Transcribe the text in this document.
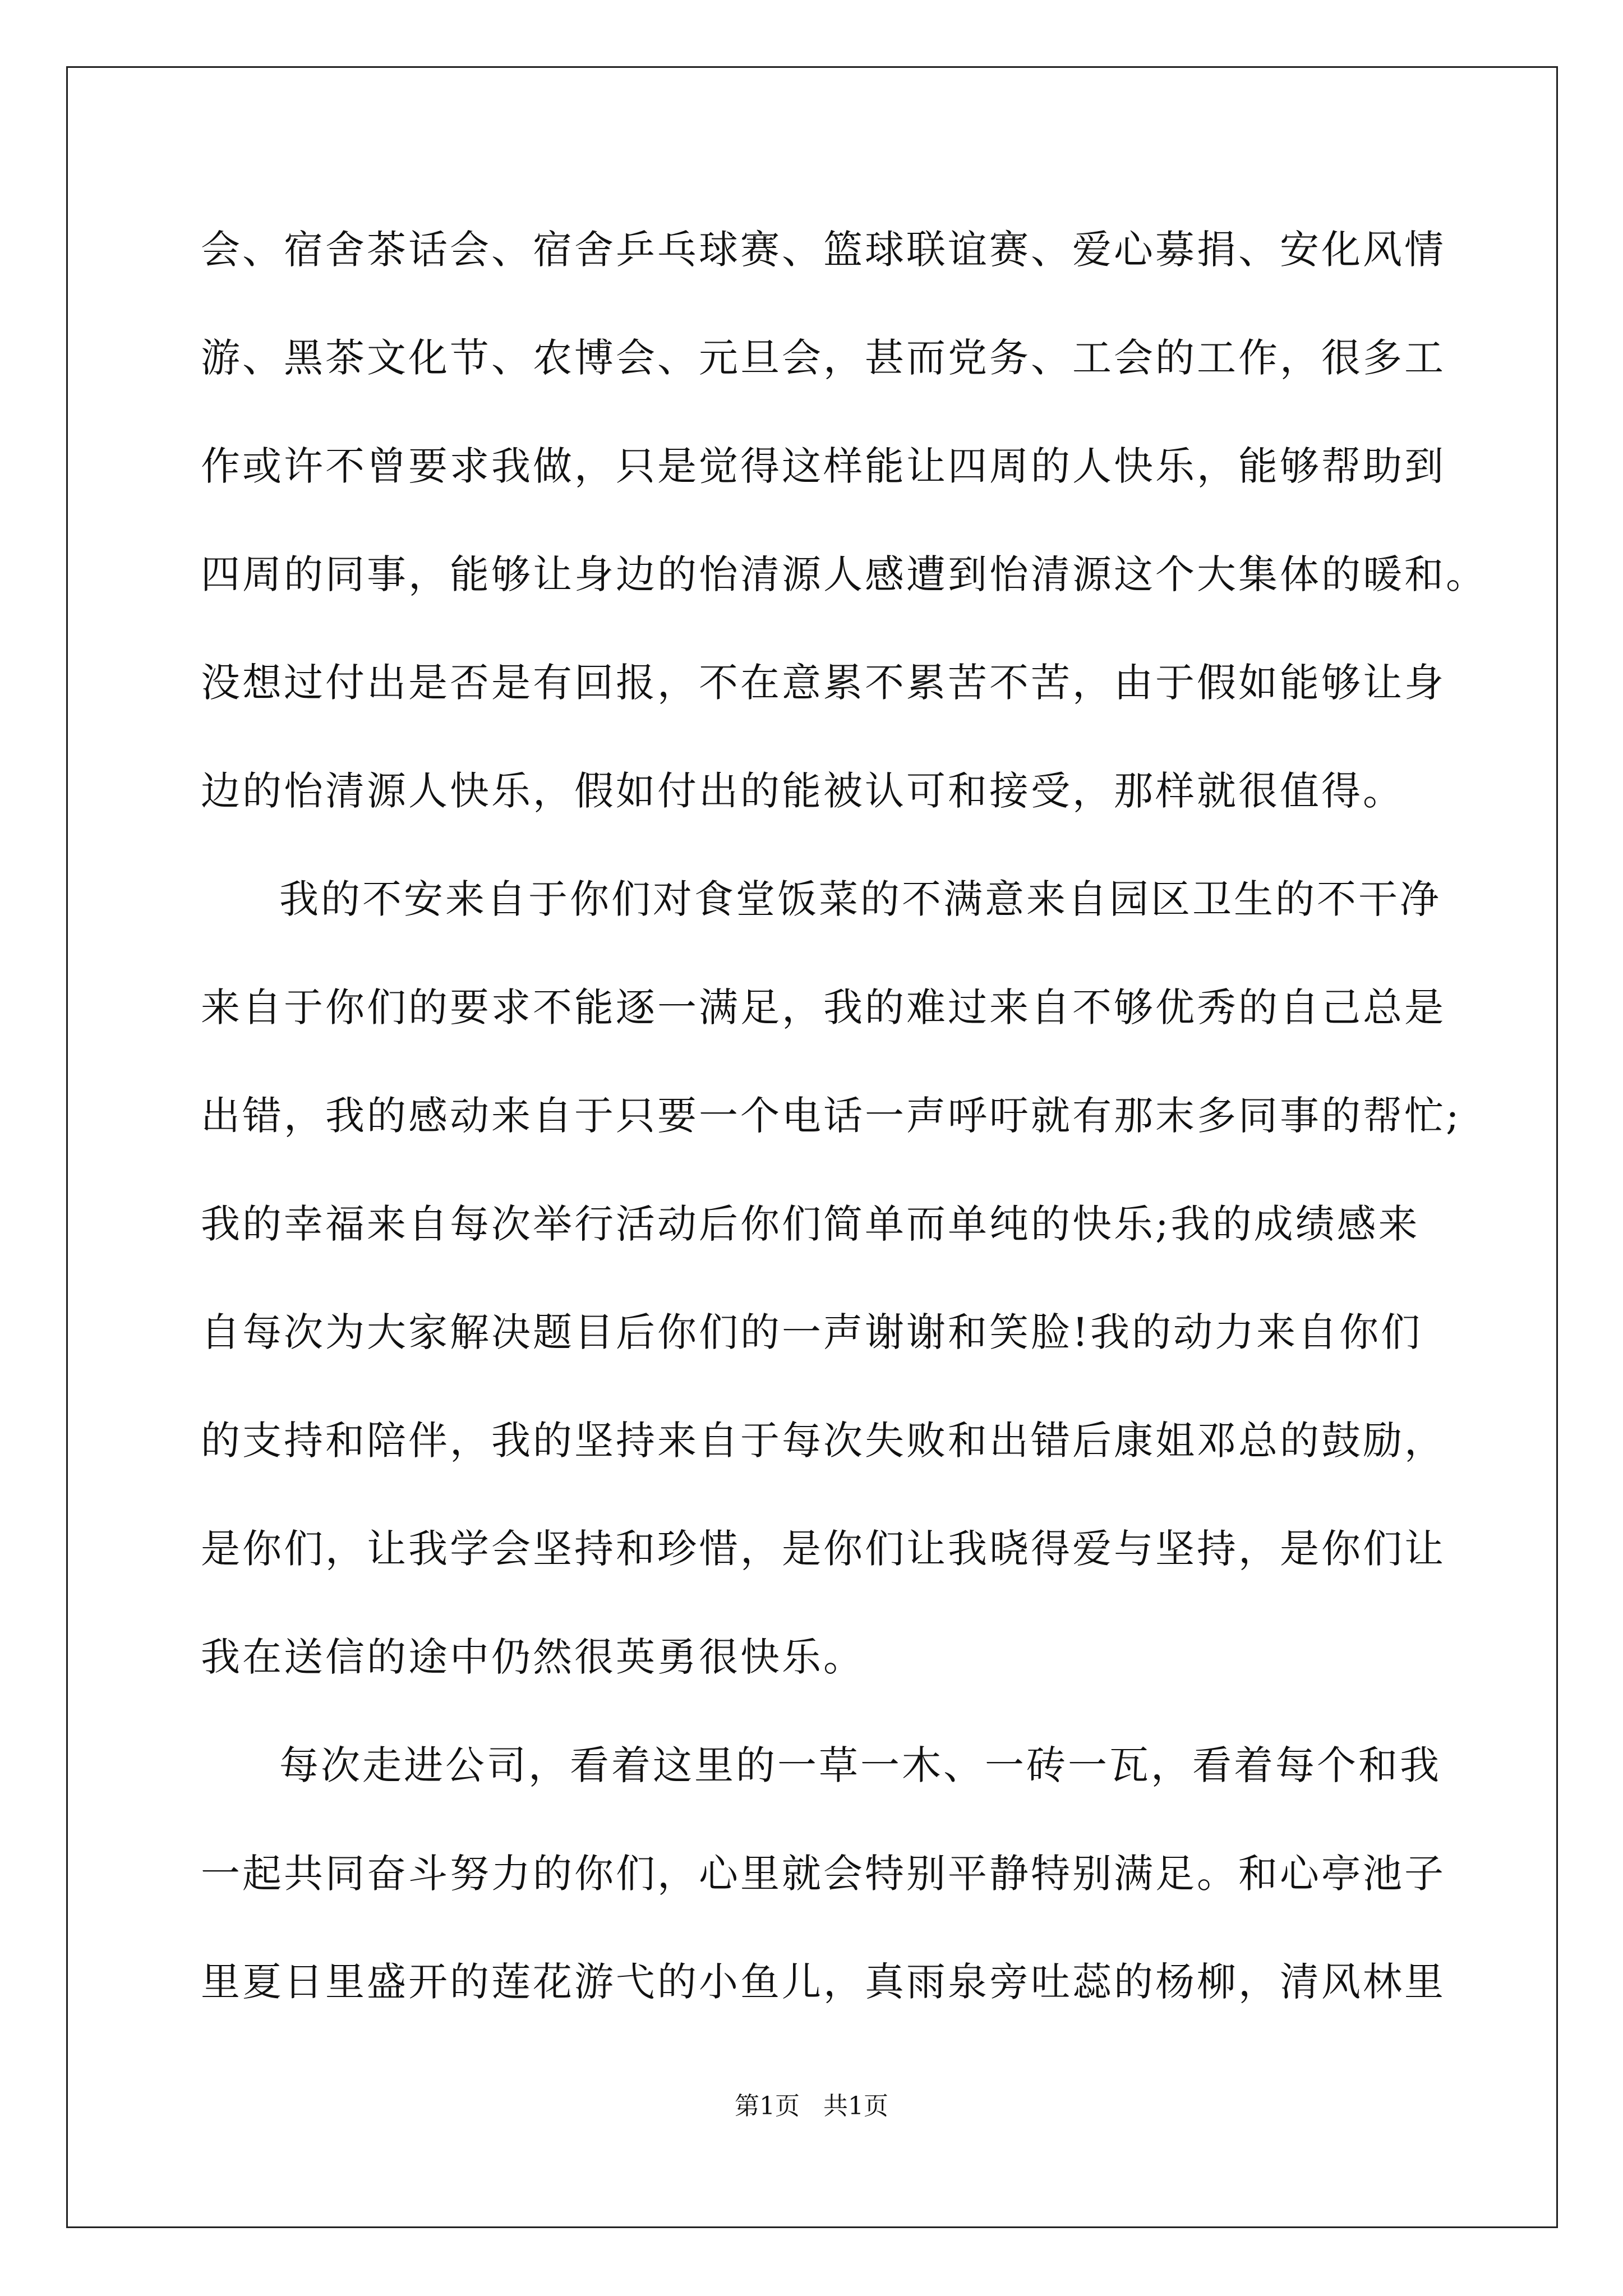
会、宿舍茶话会、宿舍乒乓球赛、篮球联谊赛、爱心募捐、安化风情
游、黑茶文化节、农博会、元旦会，甚而党务、工会的工作，很多工
作或许不曾要求我做，只是觉得这样能让四周的人快乐，能够帮助到
四周的同事，能够让身边的怡清源人感遭到怡清源这个大集体的暖和。
没想过付出是否是有回报，不在意累不累苦不苦，由于假如能够让身
边的怡清源人快乐，假如付出的能被认可和接受，那样就很值得。
我的不安来自于你们对食堂饭菜的不满意来自园区卫生的不干净
来自于你们的要求不能逐一满足，我的难过来自不够优秀的自己总是
出错，我的感动来自于只要一个电话一声呼吁就有那末多同事的帮忙;
我的幸福来自每次举行活动后你们简单而单纯的快乐;我的成绩感来
自每次为大家解决题目后你们的一声谢谢和笑脸!我的动力来自你们
的支持和陪伴，我的坚持来自于每次失败和出错后康姐邓总的鼓励，
是你们，让我学会坚持和珍惜，是你们让我晓得爱与坚持，是你们让
我在送信的途中仍然很英勇很快乐。
每次走进公司，看着这里的一草一木、一砖一瓦，看着每个和我
一起共同奋斗努力的你们，心里就会特别平静特别满足。和心亭池子
里夏日里盛开的莲花游弋的小鱼儿，真雨泉旁吐蕊的杨柳，清风林里
第1页   共1页
